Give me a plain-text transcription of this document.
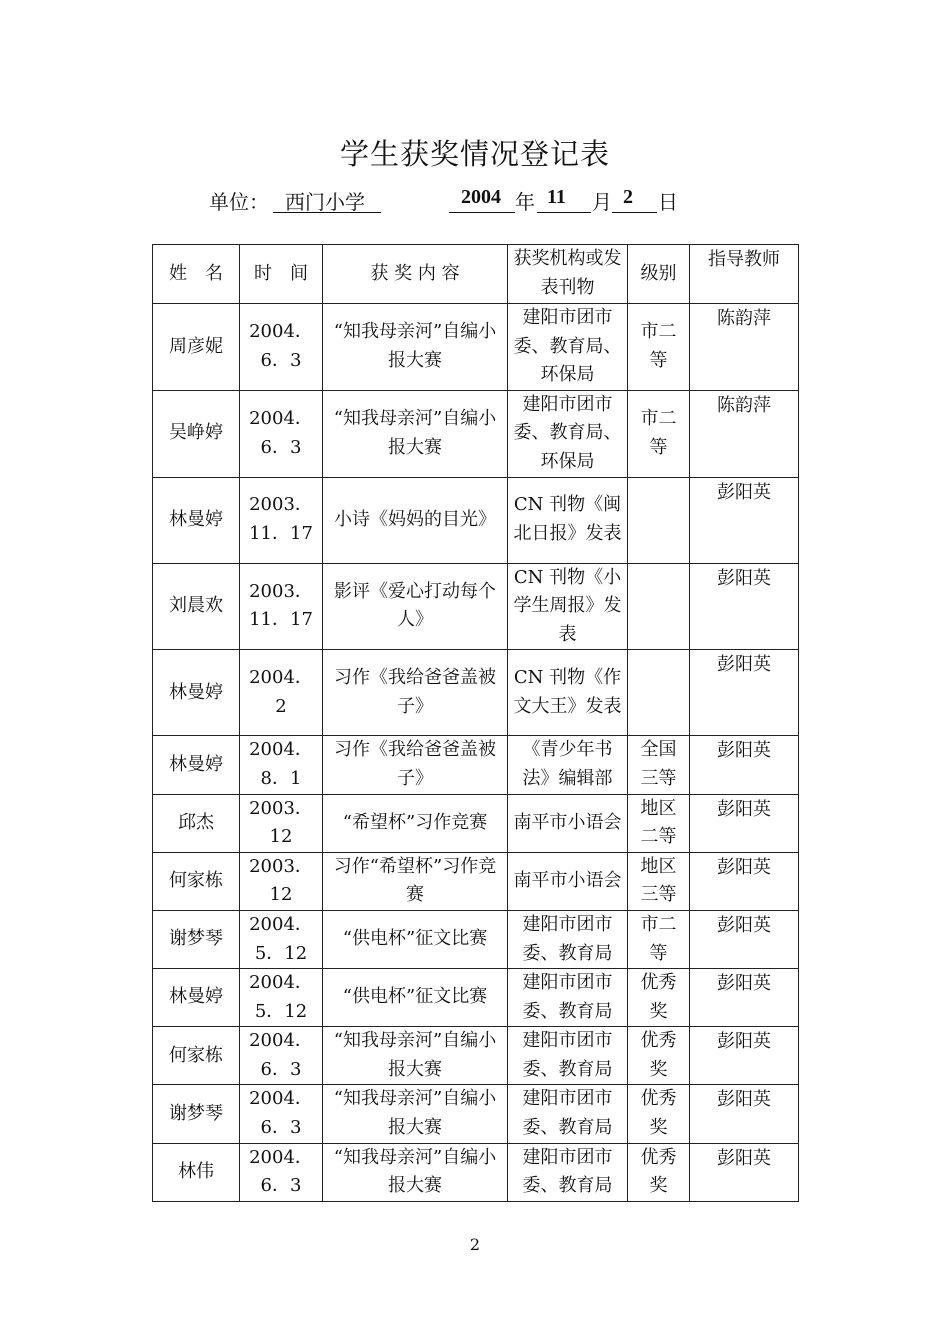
学生获奖情况登记表
单位： 西门小学	2004 年 11 月 2 日
姓　名	时　间	获 奖 内 容	获奖机构或发表刊物	级别	指导教师
周彦妮	2004．6．3	“知我母亲河”自编小报大赛	建阳市团市委、教育局、环保局	市二等	陈韵萍
吴峥婷	2004．6．3	“知我母亲河”自编小报大赛	建阳市团市委、教育局、环保局	市二等	陈韵萍
林曼婷	2003．11．17	小诗《妈妈的目光》	CN 刊物《闽北日报》发表		彭阳英
刘晨欢	2003．11．17	影评《爱心打动每个人》	CN 刊物《小学生周报》发表		彭阳英
林曼婷	2004．2	习作《我给爸爸盖被子》	CN 刊物《作文大王》发表		彭阳英
林曼婷	2004．8．1	习作《我给爸爸盖被子》	《青少年书法》编辑部	全国三等	彭阳英
邱杰	2003．12	“希望杯”习作竞赛	南平市小语会	地区二等	彭阳英
何家栋	2003．12	习作“希望杯”习作竞赛	南平市小语会	地区三等	彭阳英
谢梦琴	2004．5．12	“供电杯”征文比赛	建阳市团市委、教育局	市二等	彭阳英
林曼婷	2004．5．12	“供电杯”征文比赛	建阳市团市委、教育局	优秀奖	彭阳英
何家栋	2004．6．3	“知我母亲河”自编小报大赛	建阳市团市委、教育局	优秀奖	彭阳英
谢梦琴	2004．6．3	“知我母亲河”自编小报大赛	建阳市团市委、教育局	优秀奖	彭阳英
林伟	2004．6．3	“知我母亲河”自编小报大赛	建阳市团市委、教育局	优秀奖	彭阳英
2
